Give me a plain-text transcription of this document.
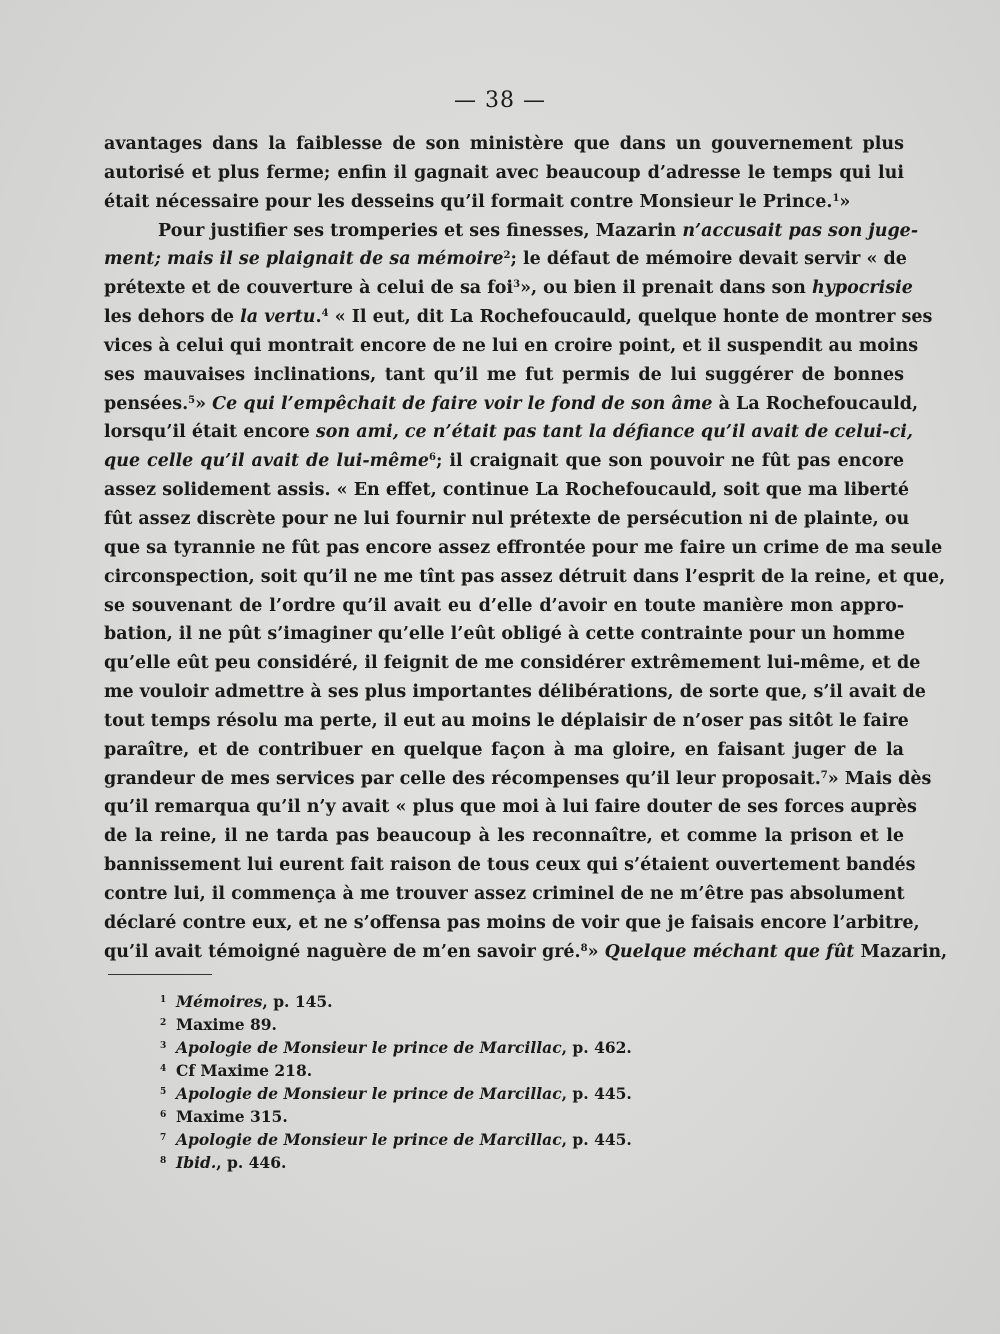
— 38 —
avantages dans la faiblesse de son ministère que dans un gouvernement plus
autorisé et plus ferme; enfin il gagnait avec beaucoup d’adresse le temps qui lui
était nécessaire pour les desseins qu’il formait contre Monsieur le Prince.$^1$»
Pour justifier ses tromperies et ses finesses, Mazarin n’accusait pas son juge-
ment; mais il se plaignait de sa mémoire$^2$; le défaut de mémoire devait servir « de
prétexte et de couverture à celui de sa foi$^3$», ou bien il prenait dans son hypocrisie
les dehors de la vertu.$^4$ « Il eut, dit La Rochefoucauld, quelque honte de montrer ses
vices à celui qui montrait encore de ne lui en croire point, et il suspendit au moins
ses mauvaises inclinations, tant qu’il me fut permis de lui suggérer de bonnes
pensées.$^5$» Ce qui l’empêchait de faire voir le fond de son âme à La Rochefoucauld,
lorsqu’il était encore son ami, ce n’était pas tant la défiance qu’il avait de celui-ci,
que celle qu’il avait de lui-même$^6$; il craignait que son pouvoir ne fût pas encore
assez solidement assis. « En effet, continue La Rochefoucauld, soit que ma liberté
fût assez discrète pour ne lui fournir nul prétexte de persécution ni de plainte, ou
que sa tyrannie ne fût pas encore assez effrontée pour me faire un crime de ma seule
circonspection, soit qu’il ne me tînt pas assez détruit dans l’esprit de la reine, et que,
se souvenant de l’ordre qu’il avait eu d’elle d’avoir en toute manière mon appro-
bation, il ne pût s’imaginer qu’elle l’eût obligé à cette contrainte pour un homme
qu’elle eût peu considéré, il feignit de me considérer extrêmement lui-même, et de
me vouloir admettre à ses plus importantes délibérations, de sorte que, s’il avait de
tout temps résolu ma perte, il eut au moins le déplaisir de n’oser pas sitôt le faire
paraître, et de contribuer en quelque façon à ma gloire, en faisant juger de la
grandeur de mes services par celle des récompenses qu’il leur proposait.$^7$» Mais dès
qu’il remarqua qu’il n’y avait « plus que moi à lui faire douter de ses forces auprès
de la reine, il ne tarda pas beaucoup à les reconnaître, et comme la prison et le
bannissement lui eurent fait raison de tous ceux qui s’étaient ouvertement bandés
contre lui, il commença à me trouver assez criminel de ne m’être pas absolument
déclaré contre eux, et ne s’offensa pas moins de voir que je faisais encore l’arbitre,
qu’il avait témoigné naguère de m’en savoir gré.$^8$» Quelque méchant que fût Mazarin,
1 Mémoires, p. 145.
2 Maxime 89.
3 Apologie de Monsieur le prince de Marcillac, p. 462.
4 Cf Maxime 218.
5 Apologie de Monsieur le prince de Marcillac, p. 445.
6 Maxime 315.
7 Apologie de Monsieur le prince de Marcillac, p. 445.
8 Ibid., p. 446.
